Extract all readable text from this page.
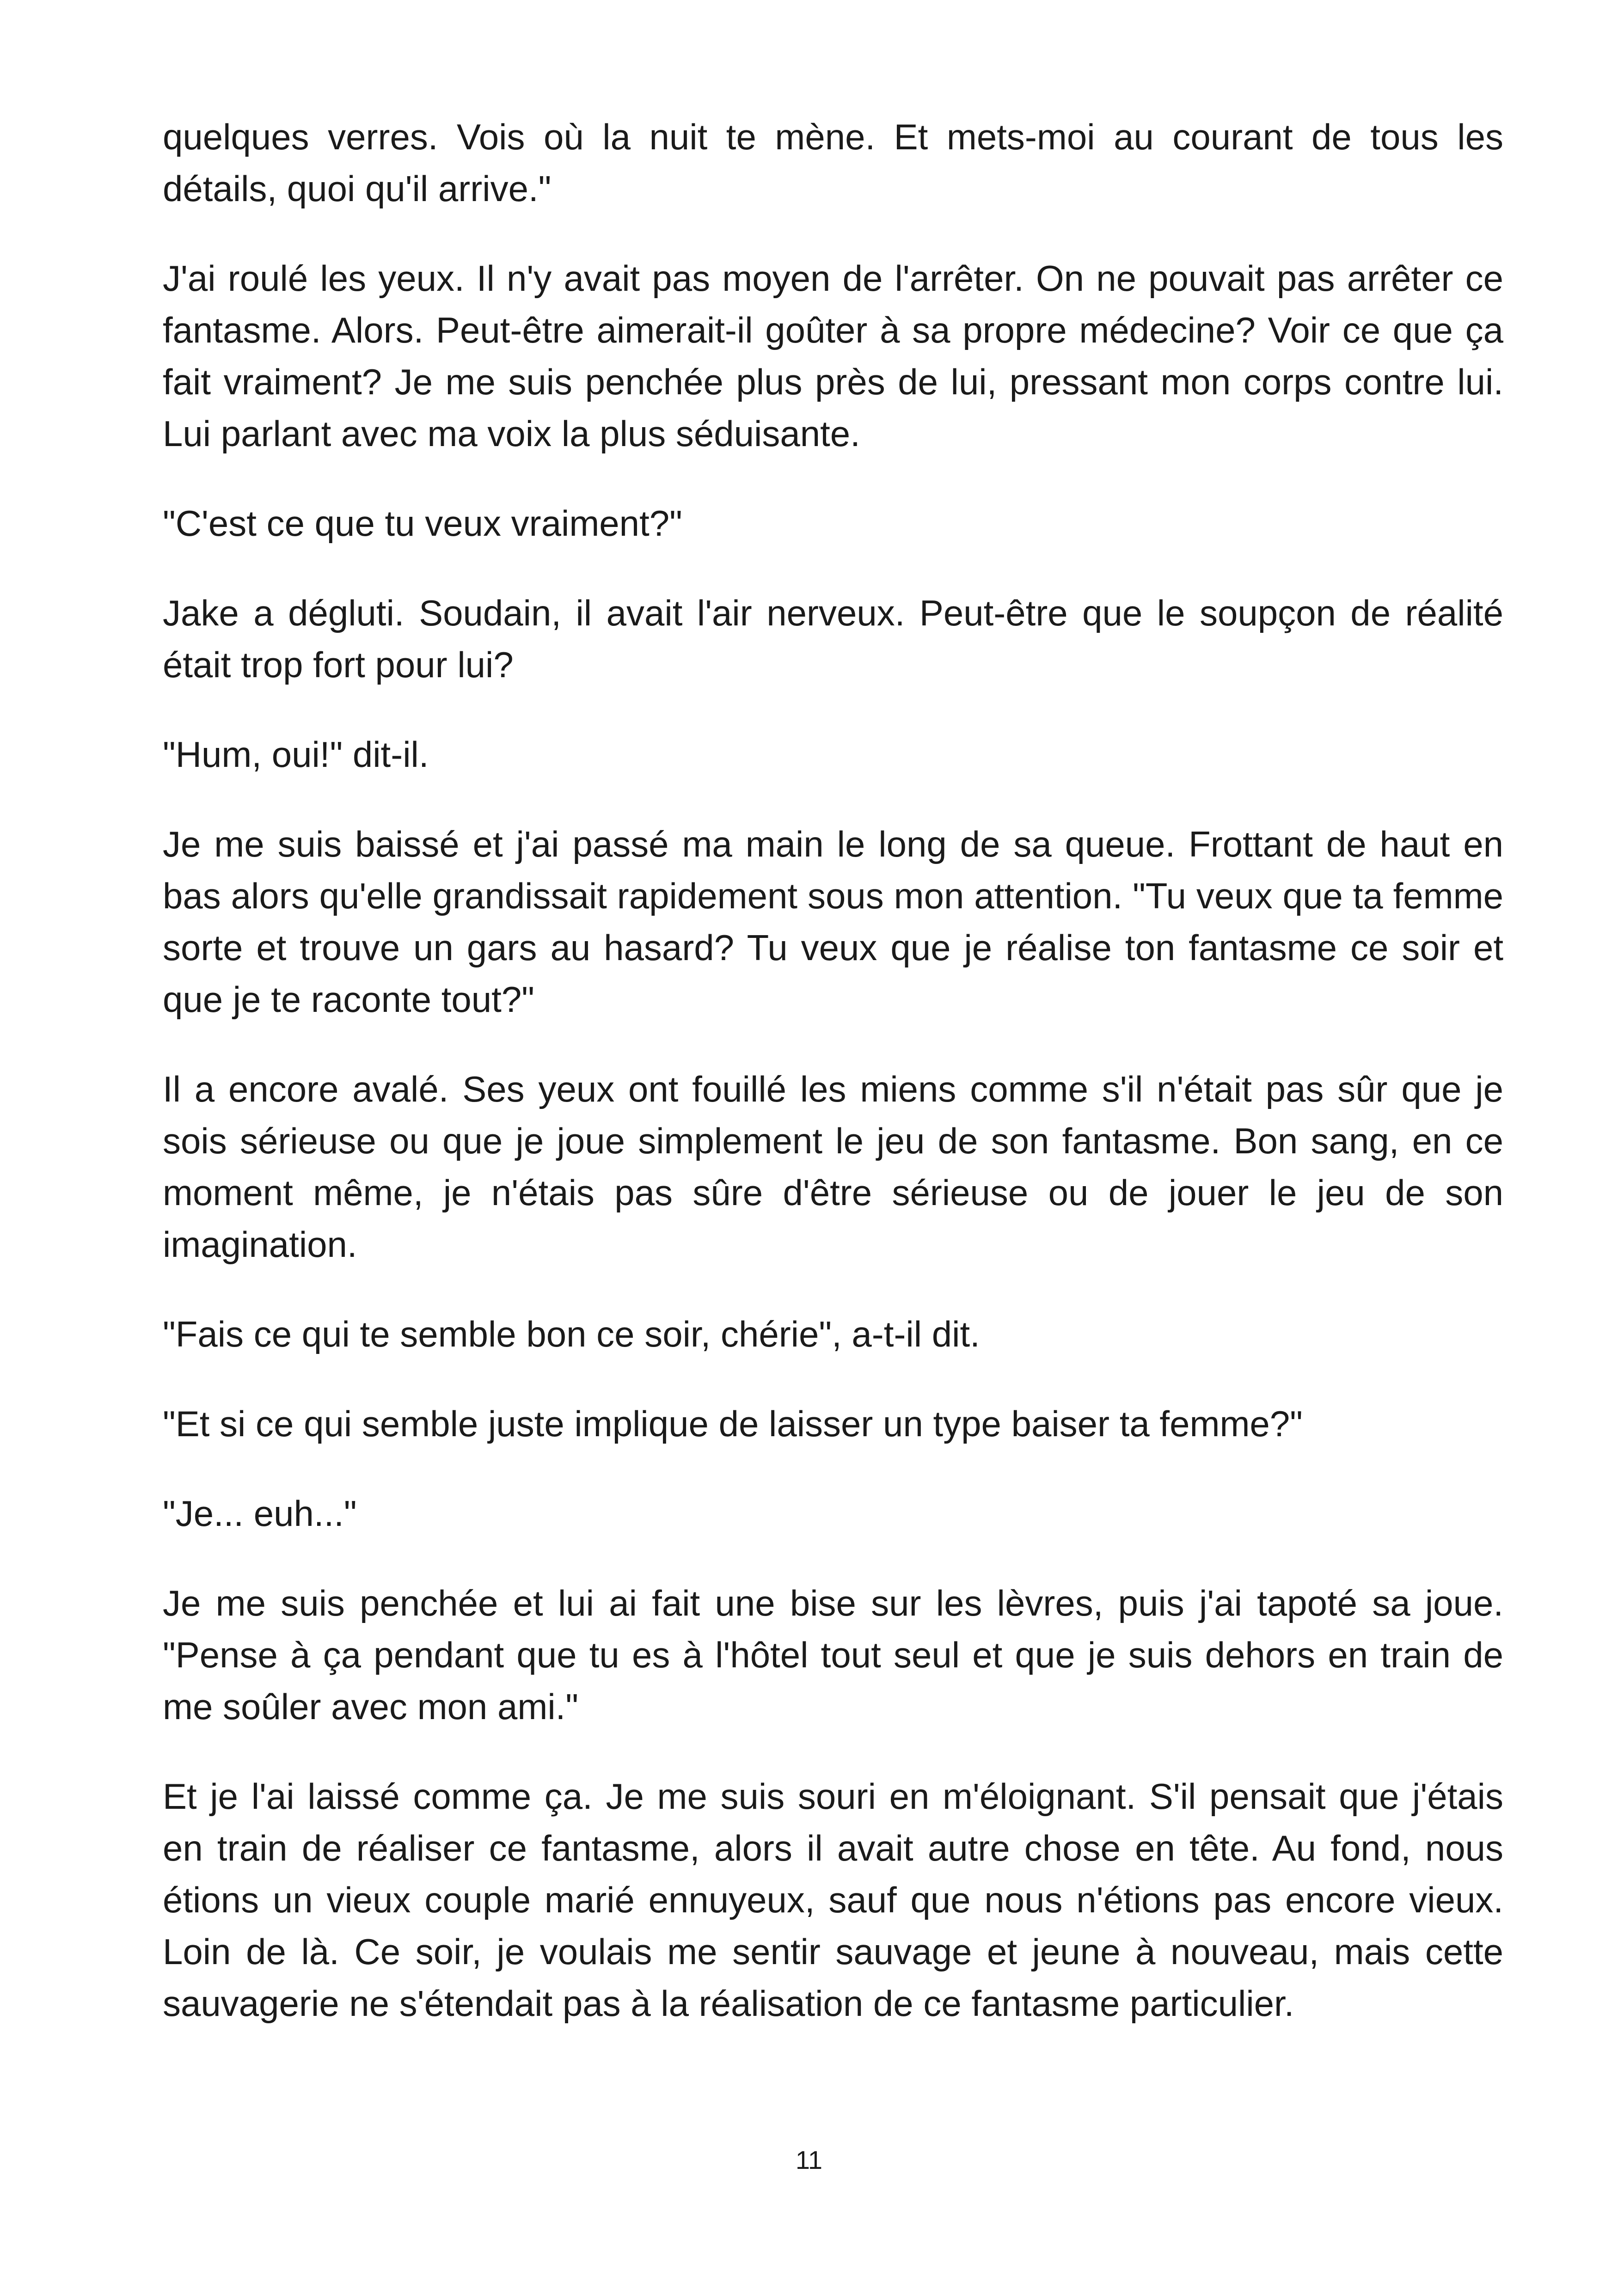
quelques verres. Vois où la nuit te mène. Et mets-moi au courant de tous les détails, quoi qu'il arrive."

J'ai roulé les yeux. Il n'y avait pas moyen de l'arrêter. On ne pouvait pas arrêter ce fantasme. Alors. Peut-être aimerait-il goûter à sa propre médecine? Voir ce que ça fait vraiment? Je me suis penchée plus près de lui, pressant mon corps contre lui. Lui parlant avec ma voix la plus séduisante.

"C'est ce que tu veux vraiment?"

Jake a dégluti. Soudain, il avait l'air nerveux. Peut-être que le soupçon de réalité était trop fort pour lui?

"Hum, oui!" dit-il.

Je me suis baissé et j'ai passé ma main le long de sa queue. Frottant de haut en bas alors qu'elle grandissait rapidement sous mon attention. "Tu veux que ta femme sorte et trouve un gars au hasard? Tu veux que je réalise ton fantasme ce soir et que je te raconte tout?"

Il a encore avalé. Ses yeux ont fouillé les miens comme s'il n'était pas sûr que je sois sérieuse ou que je joue simplement le jeu de son fantasme. Bon sang, en ce moment même, je n'étais pas sûre d'être sérieuse ou de jouer le jeu de son imagination.

"Fais ce qui te semble bon ce soir, chérie", a-t-il dit.

"Et si ce qui semble juste implique de laisser un type baiser ta femme?"

"Je... euh..."

Je me suis penchée et lui ai fait une bise sur les lèvres, puis j'ai tapoté sa joue. "Pense à ça pendant que tu es à l'hôtel tout seul et que je suis dehors en train de me soûler avec mon ami."

Et je l'ai laissé comme ça. Je me suis souri en m'éloignant. S'il pensait que j'étais en train de réaliser ce fantasme, alors il avait autre chose en tête. Au fond, nous étions un vieux couple marié ennuyeux, sauf que nous n'étions pas encore vieux. Loin de là. Ce soir, je voulais me sentir sauvage et jeune à nouveau, mais cette sauvagerie ne s'étendait pas à la réalisation de ce fantasme particulier.

11
